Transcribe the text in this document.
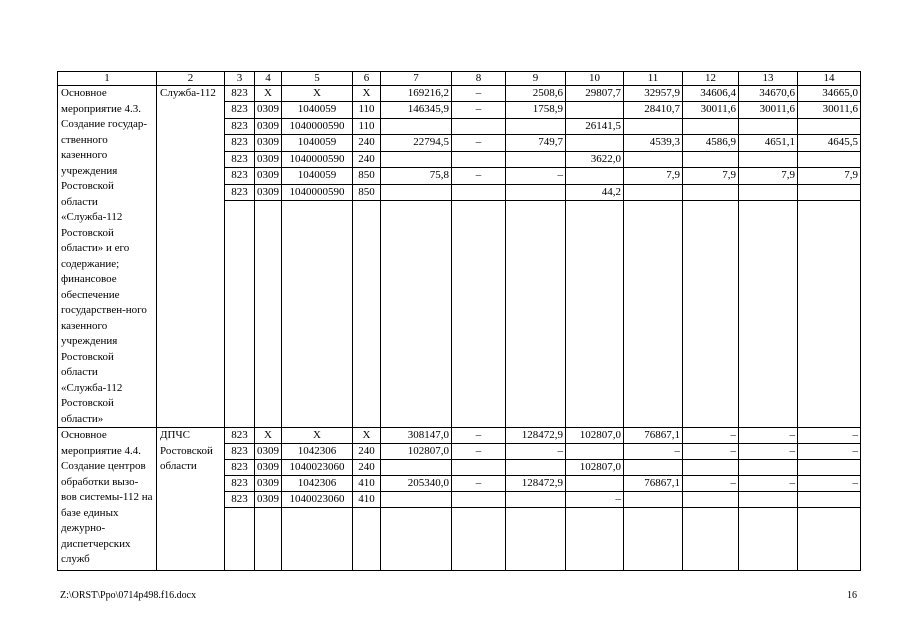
1	2	3	4	5	6	7	8	9	10	11	12	13	14
Основное мероприятие 4.3. Создание государ-ственного казенного учреждения Ростовской области «Служба-112 Ростовской области» и его содержание; финансовое обеспечение государствен-ного казенного учреждения Ростовской области «Служба-112 Ростовской области»	Служба-112	823	Х	Х	Х	169216,2	–	2508,6	29807,7	32957,9	34606,4	34670,6	34665,0
		823	0309	1040059	110	146345,9	–	1758,9		28410,7	30011,6	30011,6	30011,6
		823	0309	1040000590	110				26141,5				
		823	0309	1040059	240	22794,5	–	749,7		4539,3	4586,9	4651,1	4645,5
		823	0309	1040000590	240				3622,0				
		823	0309	1040059	850	75,8	–	–		7,9	7,9	7,9	7,9
		823	0309	1040000590	850				44,2				

Основное мероприятие 4.4. Создание центров обработки вызо-вов системы-112 на базе единых дежурно-диспетчерских служб	ДПЧС Ростовской области	823	Х	Х	Х	308147,0	–	128472,9	102807,0	76867,1	–	–	–
		823	0309	1042306	240	102807,0	–	–		–	–	–	–
		823	0309	1040023060	240				102807,0				
		823	0309	1042306	410	205340,0	–	128472,9		76867,1	–	–	–
		823	0309	1040023060	410				–				

Z:\ORST\Ppo\0714p498.f16.docx	16
